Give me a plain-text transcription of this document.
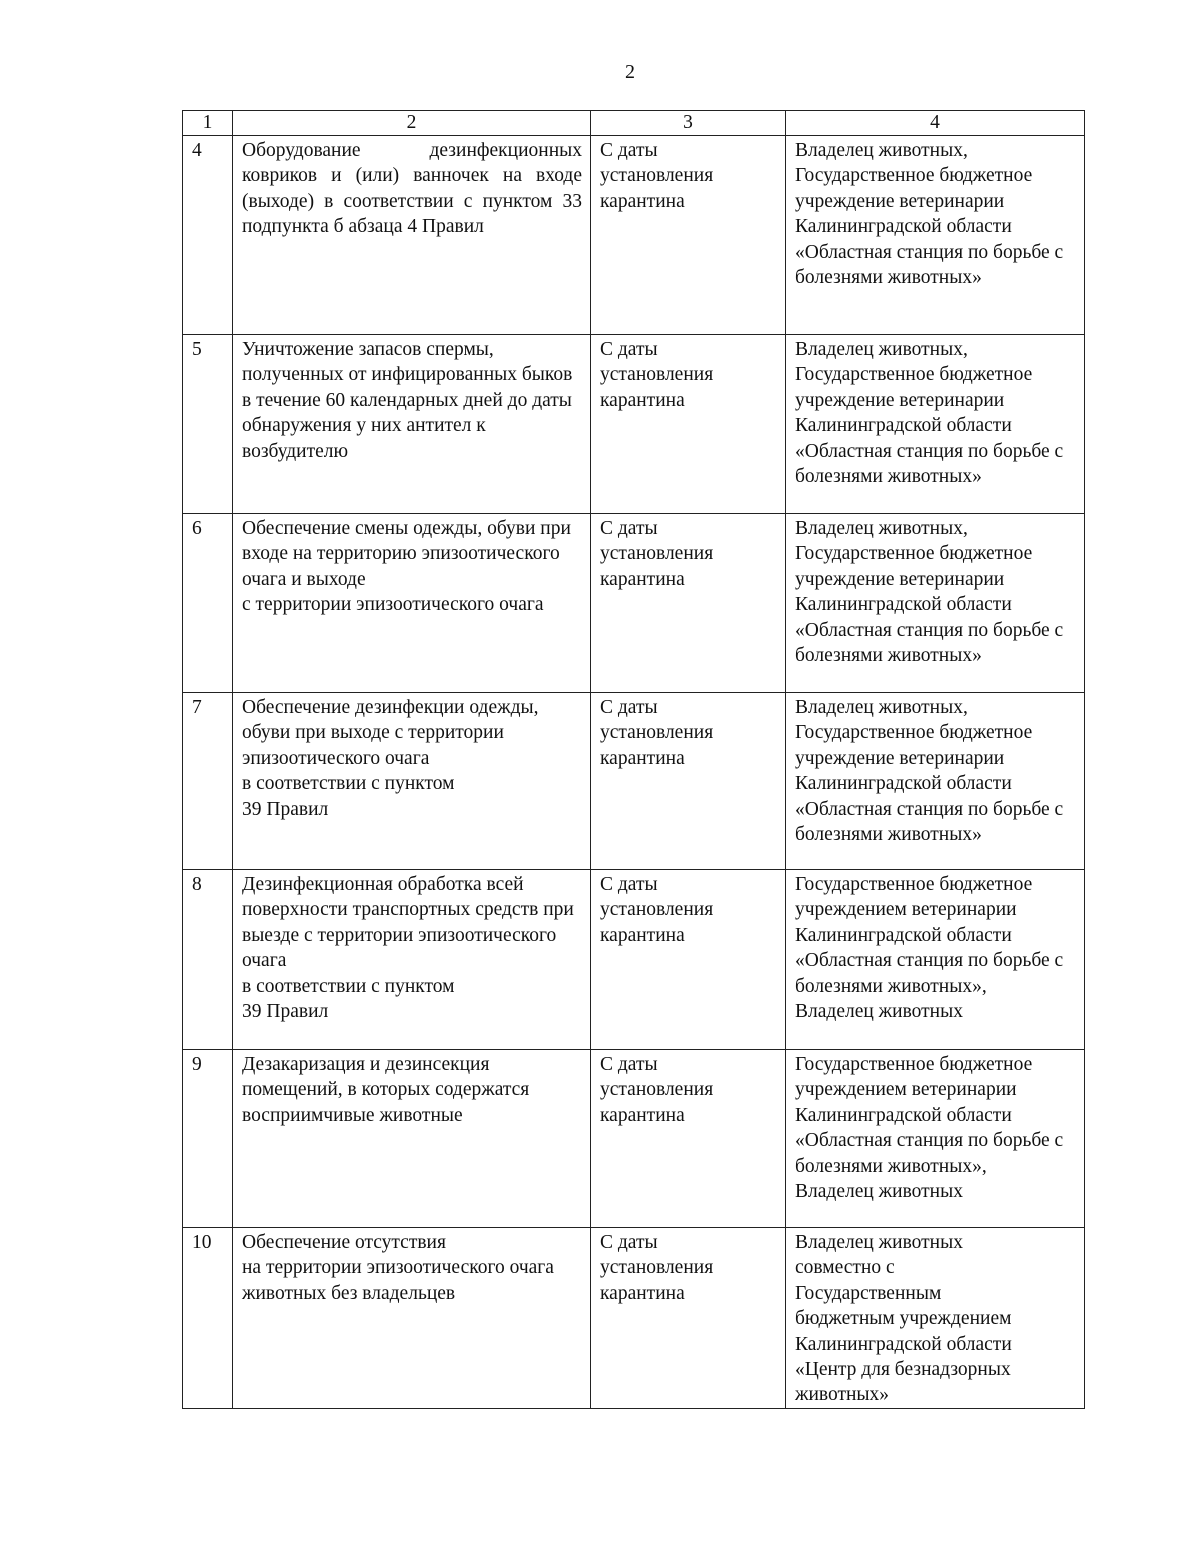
2
1	2	3	4
4	Оборудование дезинфекционных ковриков и (или) ванночек на входе (выходе) в соответствии с пунктом 33 подпункта б абзаца 4 Правил	С даты
установления
карантина	Владелец животных,
Государственное бюджетное учреждение ветеринарии Калининградской области «Областная станция по борьбе с болезнями животных»
5	Уничтожение запасов спермы,
полученных от инфицированных быков в течение 60 календарных дней до даты обнаружения у них антител к возбудителю	С даты
установления
карантина	Владелец животных,
Государственное бюджетное учреждение ветеринарии Калининградской области «Областная станция по борьбе с болезнями животных»
6	Обеспечение смены одежды, обуви при входе на территорию эпизоотического очага и выходе
с территории эпизоотического очага	С даты
установления
карантина	Владелец животных,
Государственное бюджетное учреждение ветеринарии Калининградской области «Областная станция по борьбе с болезнями животных»
7	Обеспечение дезинфекции одежды, обуви при выходе с территории эпизоотического очага
в соответствии с пунктом
39 Правил	С даты
установления
карантина	Владелец животных,
Государственное бюджетное учреждение ветеринарии Калининградской области «Областная станция по борьбе с болезнями животных»
8	Дезинфекционная обработка всей поверхности транспортных средств при выезде с территории эпизоотического очага
в соответствии с пунктом
39 Правил	С даты
установления
карантина	Государственное бюджетное учреждением ветеринарии Калининградской области «Областная станция по борьбе с болезнями животных»,
Владелец животных
9	Дезакаризация и дезинсекция помещений, в которых содержатся восприимчивые животные	С даты
установления
карантина	Государственное бюджетное учреждением ветеринарии Калининградской области «Областная станция по борьбе с болезнями животных»,
Владелец животных
10	Обеспечение отсутствия
на территории эпизоотического очага животных без владельцев	С даты
установления
карантина	Владелец животных
совместно с
Государственным
бюджетным учреждением Калининградской области «Центр для безнадзорных животных»
